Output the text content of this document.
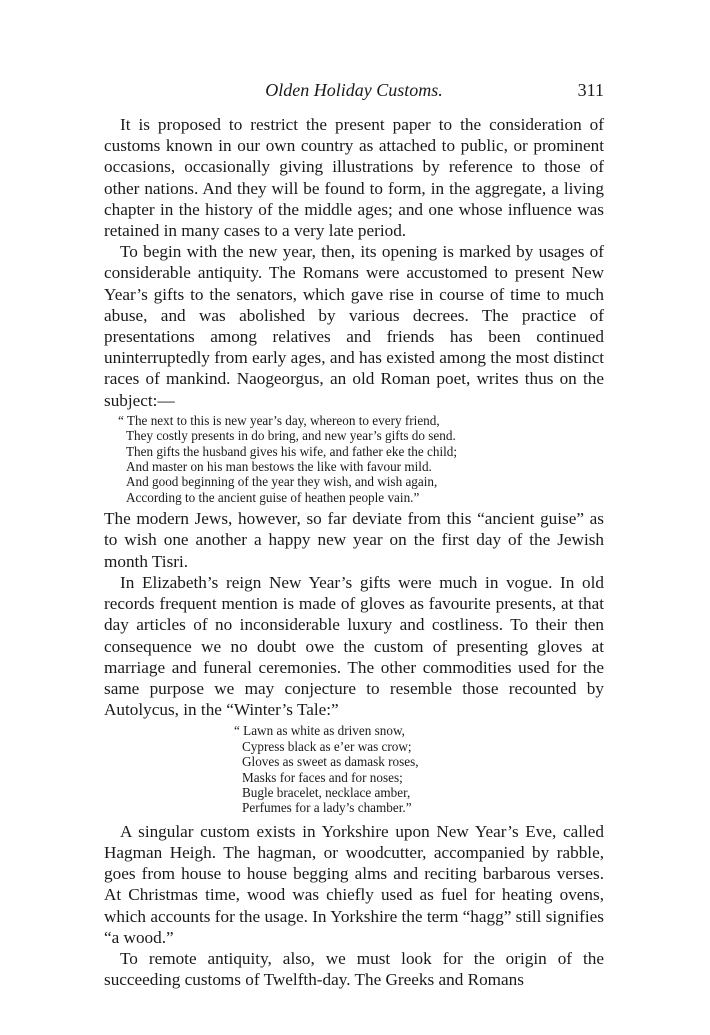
Olden Holiday Customs.	311

It is proposed to restrict the present paper to the consideration of customs known in our own country as attached to public, or prominent occasions, occasionally giving illustrations by reference to those of other nations. And they will be found to form, in the aggregate, a living chapter in the history of the middle ages; and one whose influence was retained in many cases to a very late period.

To begin with the new year, then, its opening is marked by usages of considerable antiquity. The Romans were accustomed to present New Year’s gifts to the senators, which gave rise in course of time to much abuse, and was abolished by various decrees. The practice of presentations among relatives and friends has been continued uninterruptedly from early ages, and has existed among the most distinct races of mankind. Naogeorgus, an old Roman poet, writes thus on the subject:—

“ The next to this is new year’s day, whereon to every friend,
They costly presents in do bring, and new year’s gifts do send.
Then gifts the husband gives his wife, and father eke the child;
And master on his man bestows the like with favour mild.
And good beginning of the year they wish, and wish again,
According to the ancient guise of heathen people vain.”

The modern Jews, however, so far deviate from this “ancient guise” as to wish one another a happy new year on the first day of the Jewish month Tisri.

In Elizabeth’s reign New Year’s gifts were much in vogue. In old records frequent mention is made of gloves as favourite presents, at that day articles of no inconsiderable luxury and costliness. To their then consequence we no doubt owe the custom of presenting gloves at marriage and funeral ceremonies. The other commodities used for the same purpose we may conjecture to resemble those recounted by Autolycus, in the “Winter’s Tale:”

“ Lawn as white as driven snow,
Cypress black as e’er was crow;
Gloves as sweet as damask roses,
Masks for faces and for noses;
Bugle bracelet, necklace amber,
Perfumes for a lady’s chamber.”

A singular custom exists in Yorkshire upon New Year’s Eve, called Hagman Heigh. The hagman, or woodcutter, accompanied by rabble, goes from house to house begging alms and reciting barbarous verses. At Christmas time, wood was chiefly used as fuel for heating ovens, which accounts for the usage. In Yorkshire the term “hagg” still signifies “a wood.”

To remote antiquity, also, we must look for the origin of the succeeding customs of Twelfth-day. The Greeks and Romans
